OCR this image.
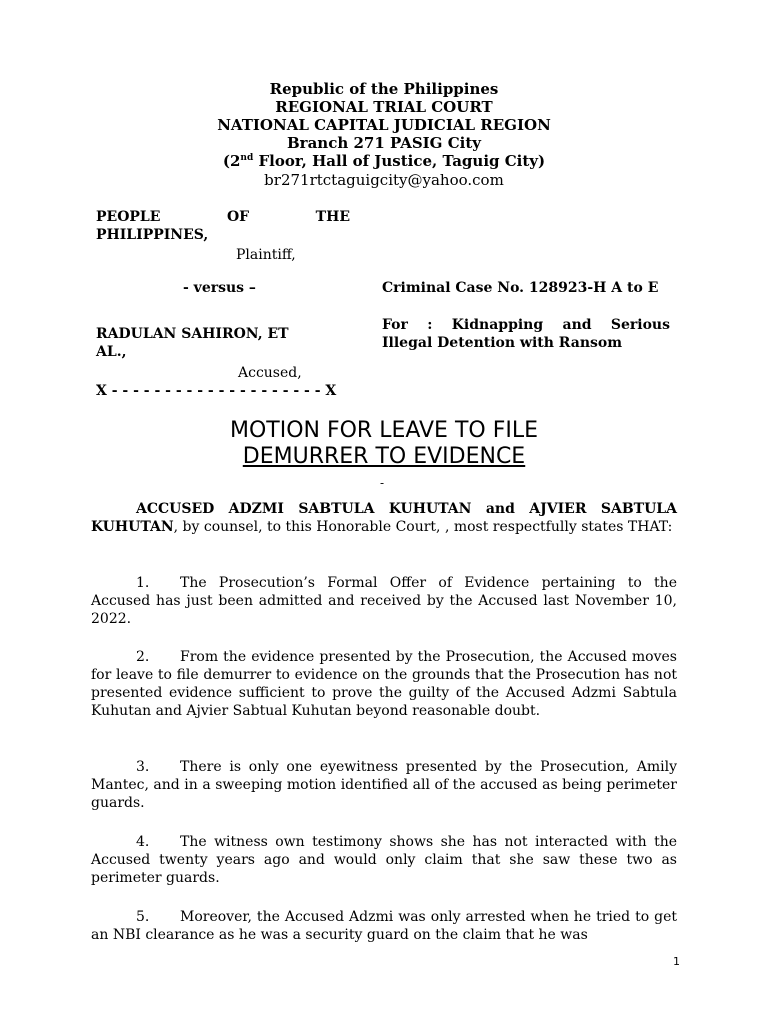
Republic of the Philippines
REGIONAL TRIAL COURT
NATIONAL CAPITAL JUDICIAL REGION
Branch 271 PASIG City
(2nd Floor, Hall of Justice, Taguig City)
br271rtctaguigcity@yahoo.com
PEOPLE OF THE
PHILIPPINES,
Plaintiff,
- versus –	Criminal Case No. 128923-H A to E
RADULAN SAHIRON, ET
AL.,
For : Kidnapping and Serious
Illegal Detention with Ransom
Accused,
X - - - - - - - - - - - - - - - - - - - - X
MOTION FOR LEAVE TO FILE
DEMURRER TO EVIDENCE
-
ACCUSED ADZMI SABTULA KUHUTAN and AJVIER SABTULA KUHUTAN, by counsel, to this Honorable Court, , most respectfully states THAT:
1. The Prosecution’s Formal Offer of Evidence pertaining to the Accused has just been admitted and received by the Accused last November 10, 2022.
2. From the evidence presented by the Prosecution, the Accused moves for leave to file demurrer to evidence on the grounds that the Prosecution has not presented evidence sufficient to prove the guilty of the Accused Adzmi Sabtula Kuhutan and Ajvier Sabtual Kuhutan beyond reasonable doubt.
3. There is only one eyewitness presented by the Prosecution, Amily Mantec, and in a sweeping motion identified all of the accused as being perimeter guards.
4. The witness own testimony shows she has not interacted with the Accused twenty years ago and would only claim that she saw these two as perimeter guards.
5. Moreover, the Accused Adzmi was only arrested when he tried to get an NBI clearance as he was a security guard on the claim that he was
1
